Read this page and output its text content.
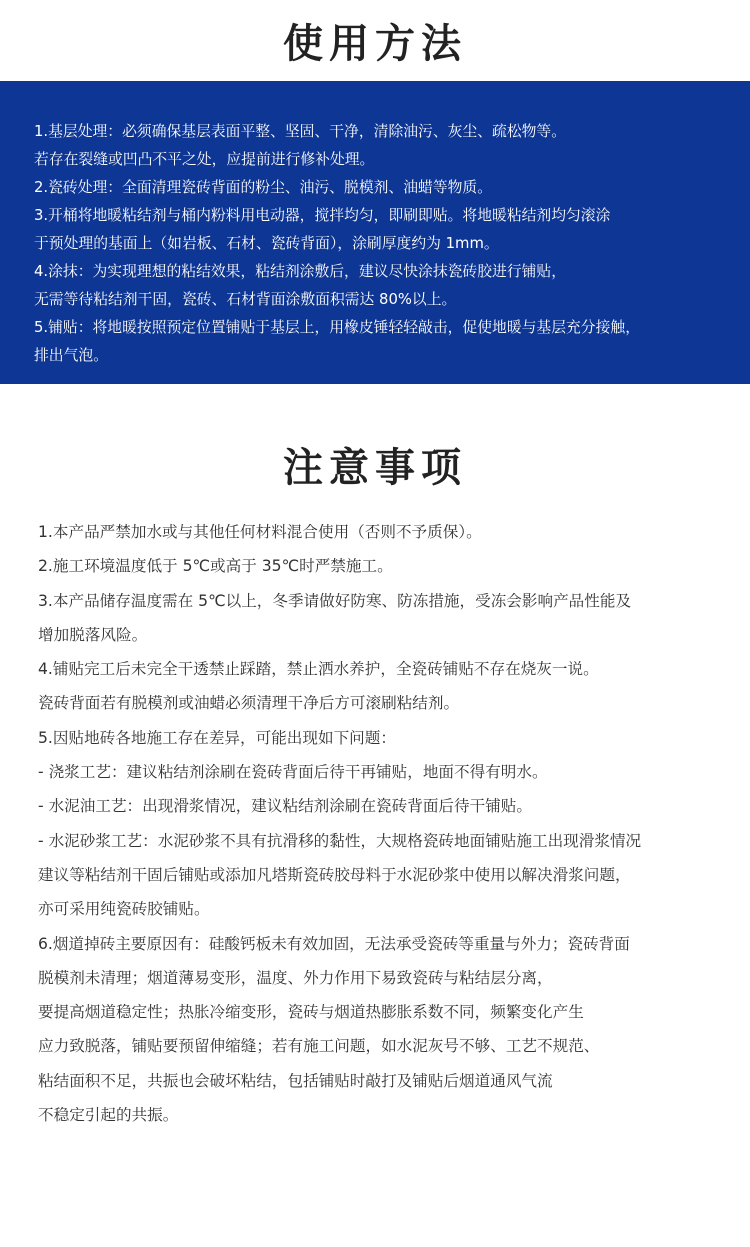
使用方法
1.基层处理：必须确保基层表面平整、坚固、干净，清除油污、灰尘、疏松物等。
若存在裂缝或凹凸不平之处，应提前进行修补处理。
2.瓷砖处理：全面清理瓷砖背面的粉尘、油污、脱模剂、油蜡等物质。
3.开桶将地暖粘结剂与桶内粉料用电动器，搅拌均匀，即刷即贴。将地暖粘结剂均匀滚涂
于预处理的基面上（如岩板、石材、瓷砖背面），涂刷厚度约为 1mm。
4.涂抹：为实现理想的粘结效果，粘结剂涂敷后，建议尽快涂抹瓷砖胶进行铺贴，
无需等待粘结剂干固，瓷砖、石材背面涂敷面积需达 80%以上。
5.铺贴：将地暖按照预定位置铺贴于基层上，用橡皮锤轻轻敲击，促使地暖与基层充分接触，
排出气泡。
注意事项
1.本产品严禁加水或与其他任何材料混合使用（否则不予质保）。
2.施工环境温度低于 5℃或高于 35℃时严禁施工。
3.本产品储存温度需在 5℃以上，冬季请做好防寒、防冻措施，受冻会影响产品性能及
增加脱落风险。
4.铺贴完工后未完全干透禁止踩踏，禁止洒水养护，全瓷砖铺贴不存在烧灰一说。
瓷砖背面若有脱模剂或油蜡必须清理干净后方可滚刷粘结剂。
5.因贴地砖各地施工存在差异，可能出现如下问题：
- 浇浆工艺：建议粘结剂涂刷在瓷砖背面后待干再铺贴，地面不得有明水。
- 水泥油工艺：出现滑浆情况，建议粘结剂涂刷在瓷砖背面后待干铺贴。
- 水泥砂浆工艺：水泥砂浆不具有抗滑移的黏性，大规格瓷砖地面铺贴施工出现滑浆情况
建议等粘结剂干固后铺贴或添加凡塔斯瓷砖胶母料于水泥砂浆中使用以解决滑浆问题，
亦可采用纯瓷砖胶铺贴。
6.烟道掉砖主要原因有：硅酸钙板未有效加固，无法承受瓷砖等重量与外力；瓷砖背面
脱模剂未清理；烟道薄易变形，温度、外力作用下易致瓷砖与粘结层分离，
要提高烟道稳定性；热胀冷缩变形，瓷砖与烟道热膨胀系数不同，频繁变化产生
应力致脱落，铺贴要预留伸缩缝；若有施工问题，如水泥灰号不够、工艺不规范、
粘结面积不足，共振也会破坏粘结，包括铺贴时敲打及铺贴后烟道通风气流
不稳定引起的共振。
